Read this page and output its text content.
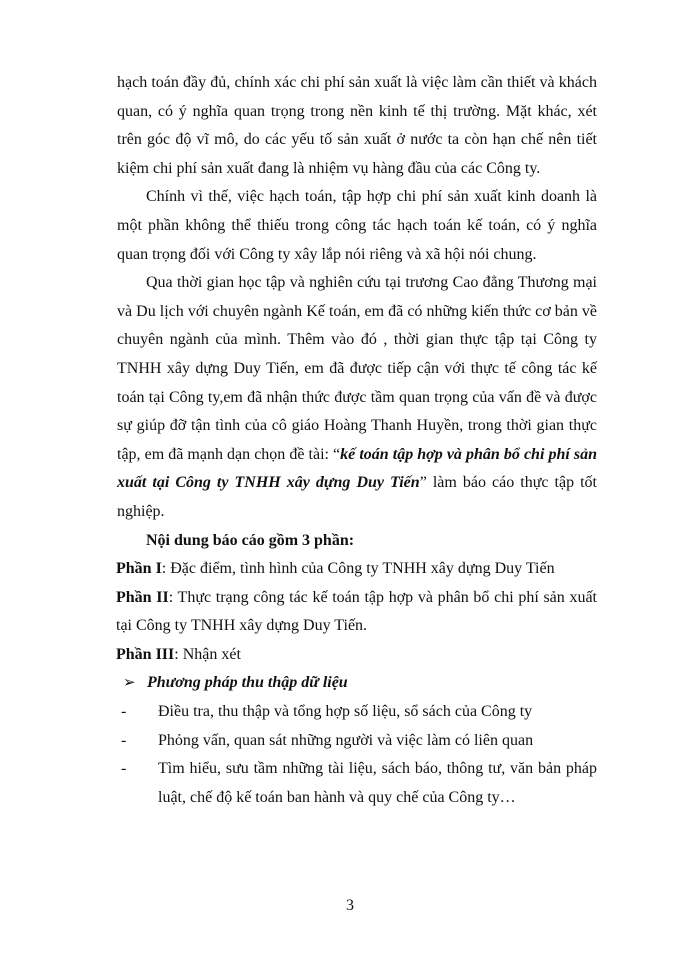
hạch toán đầy đủ, chính xác chi phí sản xuất là việc làm cần thiết và khách quan, có ý nghĩa quan trọng trong nền kinh tế thị trường. Mặt khác, xét trên góc độ vĩ mô, do các yếu tố sản xuất ở nước ta còn hạn chế nên tiết kiệm chi phí sản xuất đang là nhiệm vụ hàng đầu của các Công ty.

Chính vì thế, việc hạch toán, tập hợp chi phí sản xuất kinh doanh là một phần không thể thiếu trong công tác hạch toán kế toán, có ý nghĩa quan trọng đối với Công ty xây lắp nói riêng và xã hội nói chung.

Qua thời gian học tập và nghiên cứu tại trương Cao đẳng Thương mại và Du lịch với chuyên ngành Kế toán, em đã có những kiến thức cơ bản về chuyên ngành của mình. Thêm vào đó , thời gian thực tập tại Công ty TNHH xây dựng Duy Tiến, em đã được tiếp cận với thực tế công tác kế toán tại Công ty,em đã nhận thức được tầm quan trọng của vấn đề và được sự giúp đỡ tận tình của cô giáo Hoàng Thanh Huyền, trong thời gian thực tập, em đã mạnh dạn chọn đề tài: “kế toán tập hợp và phân bổ chi phí sản xuất tại Công ty TNHH xây dựng Duy Tiến” làm báo cáo thực tập tốt nghiệp.

Nội dung báo cáo gồm 3 phần:

Phần I: Đặc điểm, tình hình của Công ty TNHH xây dựng Duy Tiến

Phần II: Thực trạng công tác kế toán tập hợp và phân bổ chi phí sản xuất tại Công ty TNHH xây dựng Duy Tiến.

Phần III: Nhận xét

➢ Phương pháp thu thập dữ liệu
- Điều tra, thu thập và tổng hợp số liệu, sổ sách của Công ty
- Phỏng vấn, quan sát những người và việc làm có liên quan
- Tìm hiểu, sưu tầm những tài liệu, sách báo, thông tư, văn bản pháp luật, chế độ kế toán ban hành và quy chế của Công ty…
3
